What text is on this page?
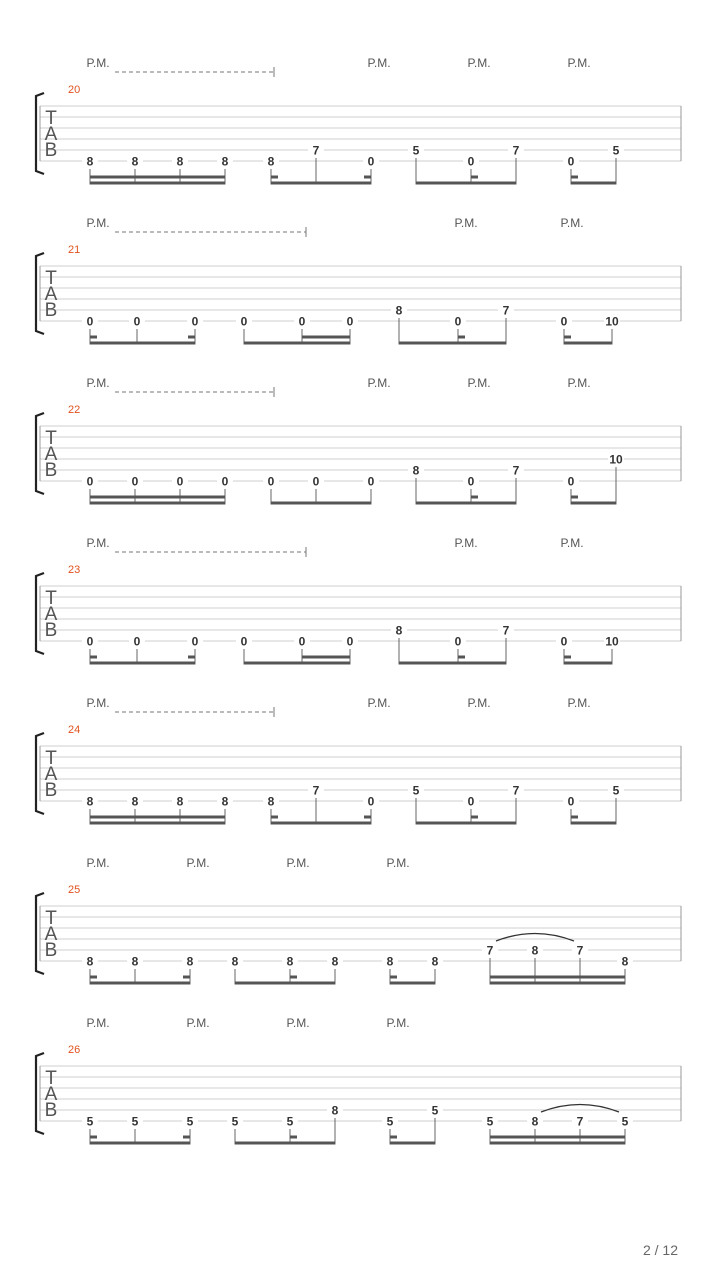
P.M.	P.M.	P.M.	P.M.
20
T
A
B
8	8	8	8	8
7
0
5
0
7
0
5
P.M.	P.M.	P.M.
21
T
A
B
0	0	0	0	0	0
8
0
7
0	10
P.M.	P.M.	P.M.	P.M.
22
T
A
B
0	0	0	0	0	0	0
8
0
7
0
10
P.M.	P.M.	P.M.
23
T
A
B
0	0	0	0	0	0
8
0
7
0	10
P.M.	P.M.	P.M.	P.M.
24
T
A
B
8	8	8	8	8
7
0
5
0
7
0
5
P.M.	P.M.	P.M.	P.M.
25
T
A
B
8	8	8	8	8	8	8	8
7	8	7
8
P.M.	P.M.	P.M.	P.M.
26
T
A
B
5	5	5	5	5
8
5
5
5	8	7	5
2 / 12
